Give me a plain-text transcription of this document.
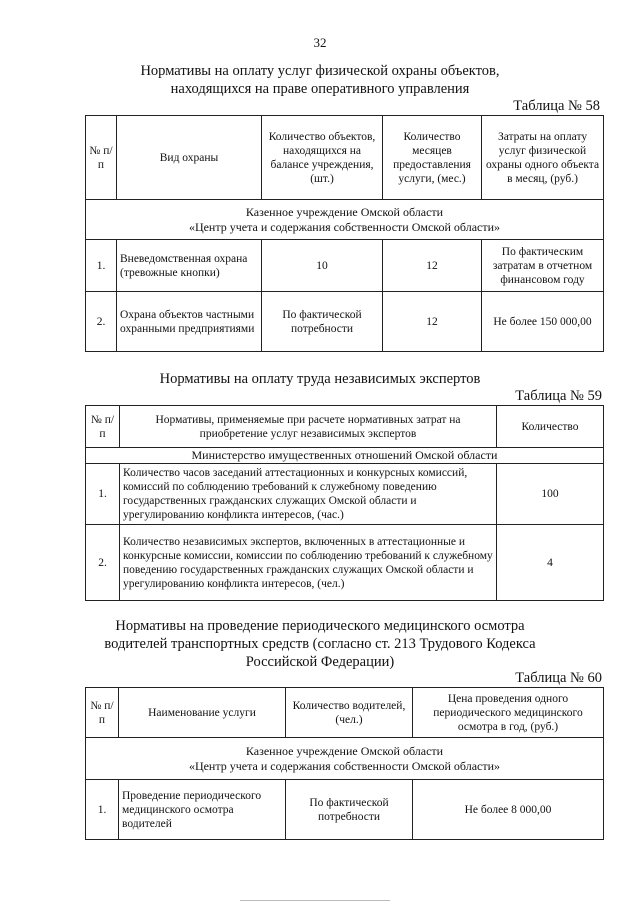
32
Нормативы на оплату услуг физической охраны объектов,
находящихся на праве оперативного управления
Таблица № 58
№ п/п	Вид охраны	Количество объектов, находящихся на балансе учреждения, (шт.)	Количество месяцев предоставления услуги, (мес.)	Затраты на оплату услуг физической охраны одного объекта в месяц, (руб.)

Казенное учреждение Омской области
«Центр учета и содержания собственности Омской области»				

1.	Вневедомственная охрана (тревожные кнопки)	10	12	По фактическим затратам в отчетном финансовом году
2.	Охрана объектов частными охранными предприятиями	По фактической потребности	12	Не более 150 000,00
Нормативы на оплату труда независимых экспертов
Таблица № 59
№ п/п	Нормативы, применяемые при расчете нормативных затрат на приобретение услуг независимых экспертов	Количество
Министерство имущественных отношений Омской области		
1.	Количество часов заседаний аттестационных и конкурсных комиссий, комиссий по соблюдению требований к служебному поведению государственных гражданских служащих Омской области и урегулированию конфликта интересов, (час.)	100
2.	Количество независимых экспертов, включенных в аттестационные и конкурсные комиссии, комиссии по соблюдению требований к служебному поведению государственных гражданских служащих Омской области и урегулированию конфликта интересов, (чел.)	4
Нормативы на проведение периодического медицинского осмотра
водителей транспортных средств (согласно ст. 213 Трудового Кодекса
Российской Федерации)
Таблица № 60
№ п/п	Наименование услуги	Количество водителей, (чел.)	Цена проведения одного периодического медицинского осмотра в год, (руб.)

Казенное учреждение Омской области
«Центр учета и содержания собственности Омской области»			

1.	Проведение периодического медицинского осмотра водителей	По фактической потребности	Не более 8 000,00
